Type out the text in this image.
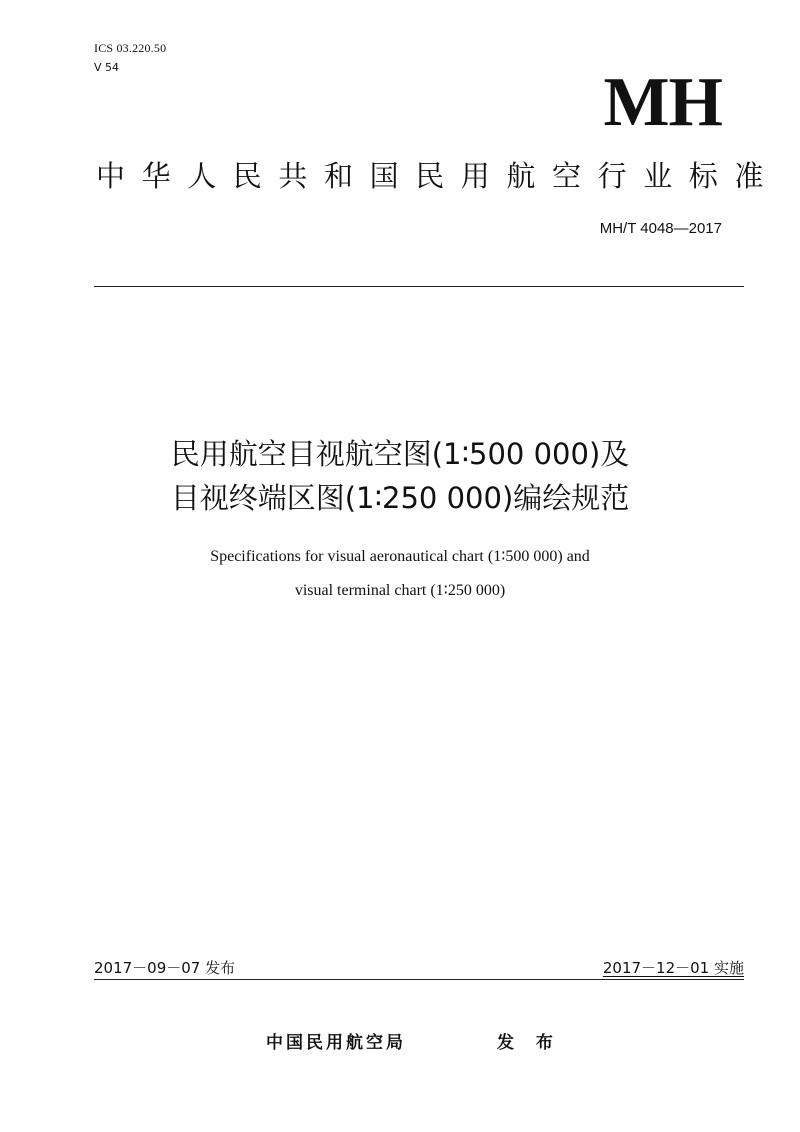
ICS 03.220.50
V 54	MH
中华人民共和国民用航空行业标准
MH/T 4048—2017
民用航空目视航空图(1∶500 000)及
目视终端区图(1∶250 000)编绘规范
Specifications for visual aeronautical chart (1∶500 000) and
visual terminal chart (1∶250 000)
2017－09－07 发布	2017－12－01 实施
中国民用航空局	发 布
